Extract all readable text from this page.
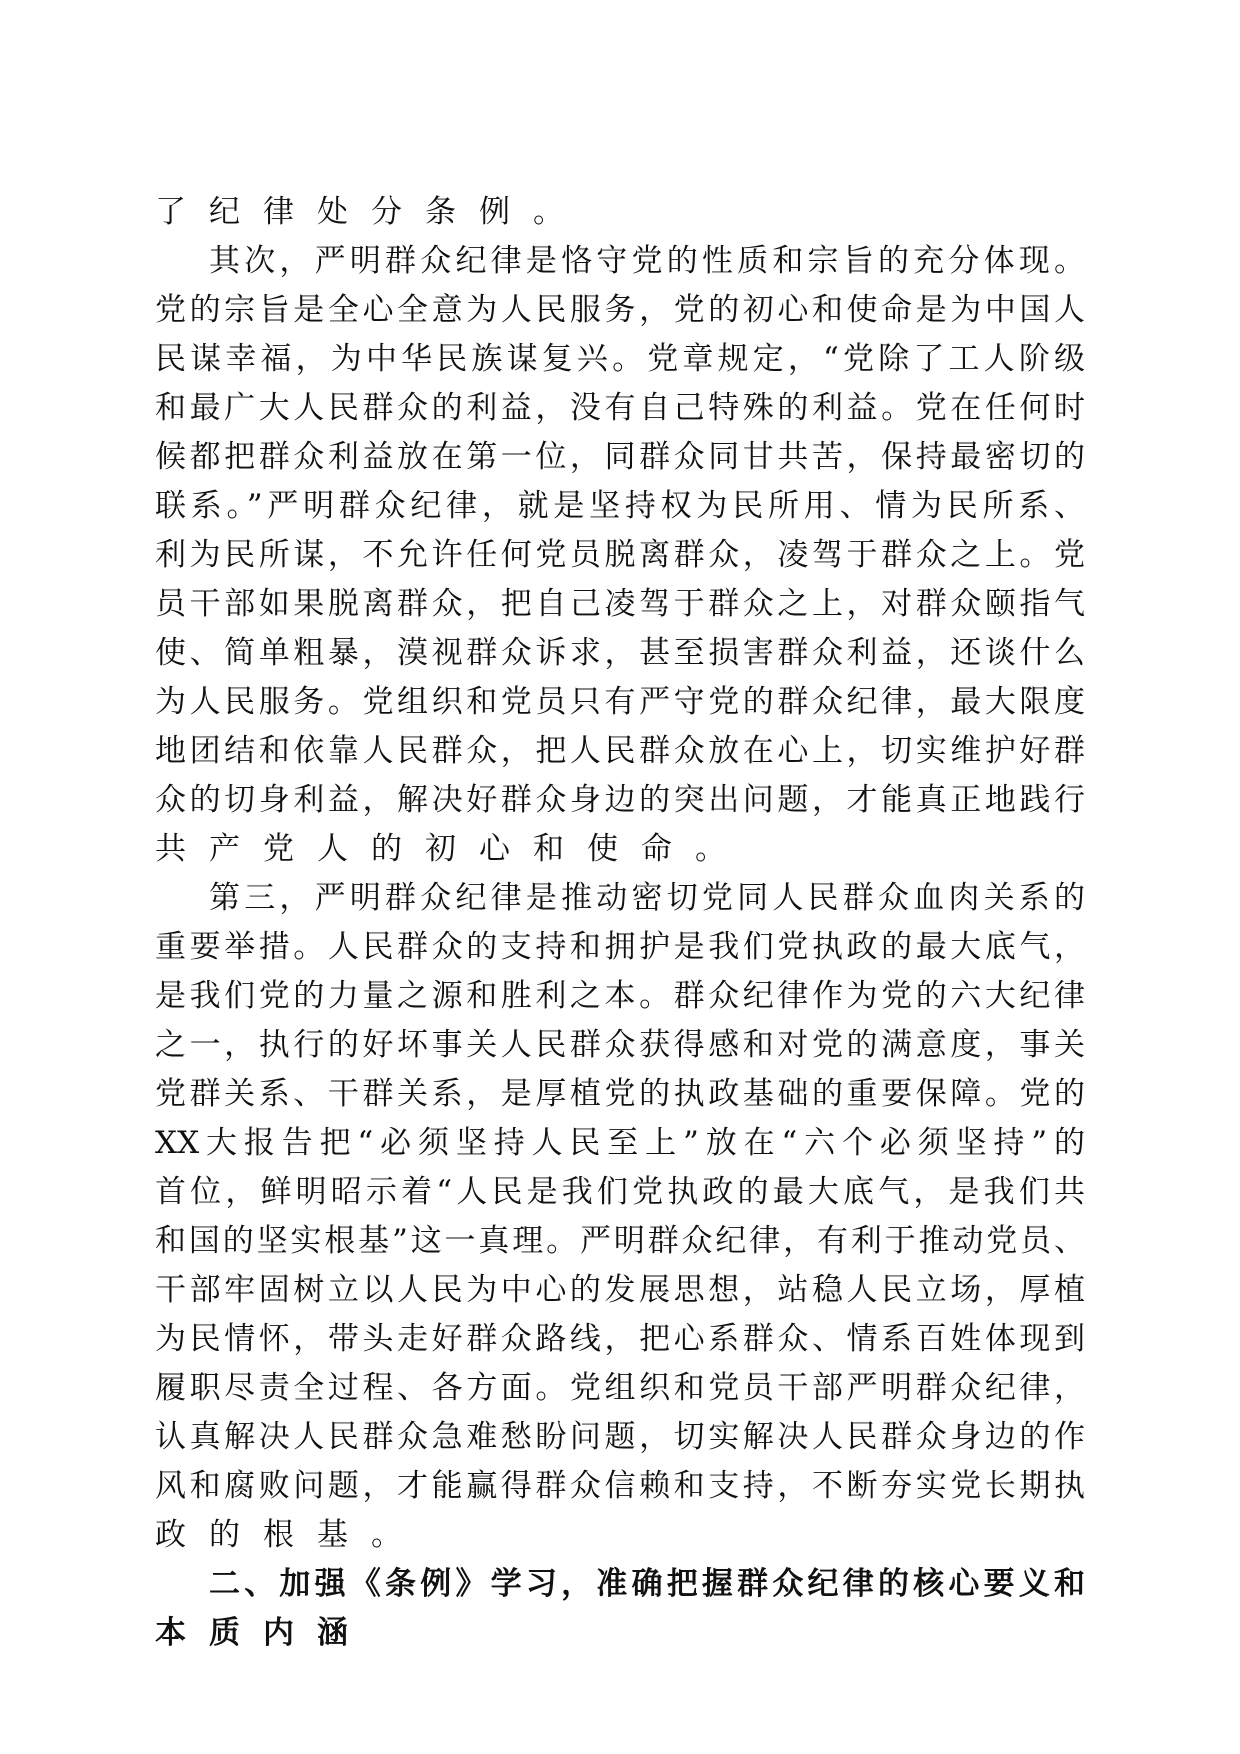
了纪律处分条例。
其次，严明群众纪律是恪守党的性质和宗旨的充分体现。
党的宗旨是全心全意为人民服务，党的初心和使命是为中国人
民谋幸福，为中华民族谋复兴。党章规定，“党除了工人阶级
和最广大人民群众的利益，没有自己特殊的利益。党在任何时
候都把群众利益放在第一位，同群众同甘共苦，保持最密切的
联系。”严明群众纪律，就是坚持权为民所用、情为民所系、
利为民所谋，不允许任何党员脱离群众，凌驾于群众之上。党
员干部如果脱离群众，把自己凌驾于群众之上，对群众颐指气
使、简单粗暴，漠视群众诉求，甚至损害群众利益，还谈什么
为人民服务。党组织和党员只有严守党的群众纪律，最大限度
地团结和依靠人民群众，把人民群众放在心上，切实维护好群
众的切身利益，解决好群众身边的突出问题，才能真正地践行
共产党人的初心和使命。
第三，严明群众纪律是推动密切党同人民群众血肉关系的
重要举措。人民群众的支持和拥护是我们党执政的最大底气，
是我们党的力量之源和胜利之本。群众纪律作为党的六大纪律
之一，执行的好坏事关人民群众获得感和对党的满意度，事关
党群关系、干群关系，是厚植党的执政基础的重要保障。党的
XX大报告把“必须坚持人民至上”放在“六个必须坚持”的
首位，鲜明昭示着“人民是我们党执政的最大底气，是我们共
和国的坚实根基”这一真理。严明群众纪律，有利于推动党员、
干部牢固树立以人民为中心的发展思想，站稳人民立场，厚植
为民情怀，带头走好群众路线，把心系群众、情系百姓体现到
履职尽责全过程、各方面。党组织和党员干部严明群众纪律，
认真解决人民群众急难愁盼问题，切实解决人民群众身边的作
风和腐败问题，才能赢得群众信赖和支持，不断夯实党长期执
政的根基。
二、加强《条例》学习，准确把握群众纪律的核心要义和
本质内涵
